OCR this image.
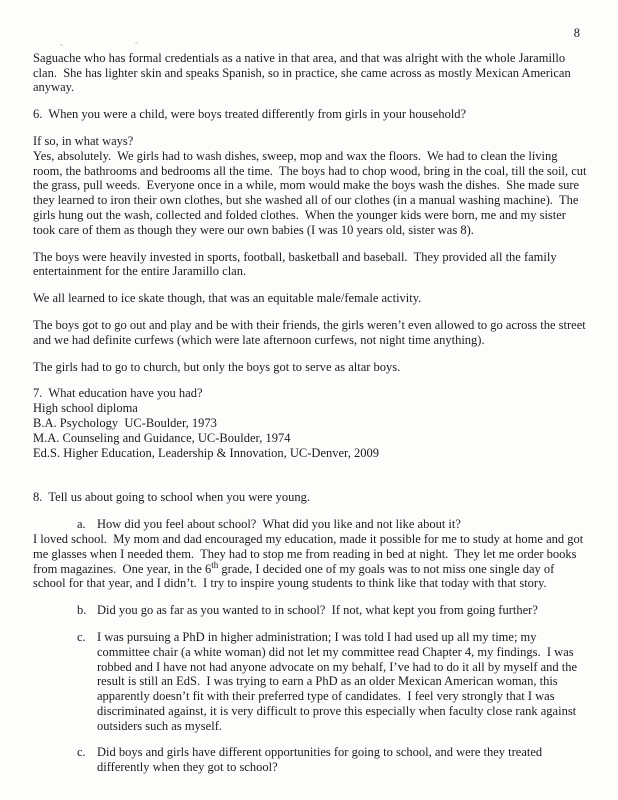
8

Saguache who has formal credentials as a native in that area, and that was alright with the whole Jaramillo clan.  She has lighter skin and speaks Spanish, so in practice, she came across as mostly Mexican American anyway.

6.  When you were a child, were boys treated differently from girls in your household?

If so, in what ways?

Yes, absolutely.  We girls had to wash dishes, sweep, mop and wax the floors.  We had to clean the living room, the bathrooms and bedrooms all the time.  The boys had to chop wood, bring in the coal, till the soil, cut the grass, pull weeds.  Everyone once in a while, mom would make the boys wash the dishes.  She made sure they learned to iron their own clothes, but she washed all of our clothes (in a manual washing machine).  The girls hung out the wash, collected and folded clothes.  When the younger kids were born, me and my sister took care of them as though they were our own babies (I was 10 years old, sister was 8).

The boys were heavily invested in sports, football, basketball and baseball.  They provided all the family entertainment for the entire Jaramillo clan.

We all learned to ice skate though, that was an equitable male/female activity.

The boys got to go out and play and be with their friends, the girls weren’t even allowed to go across the street and we had definite curfews (which were late afternoon curfews, not night time anything).

The girls had to go to church, but only the boys got to serve as altar boys.

7.  What education have you had?

High school diploma

B.A. Psychology  UC-Boulder, 1973

M.A. Counseling and Guidance, UC-Boulder, 1974

Ed.S. Higher Education, Leadership & Innovation, UC-Denver, 2009

8.  Tell us about going to school when you were young.

a. How did you feel about school?  What did you like and not like about it?

I loved school.  My mom and dad encouraged my education, made it possible for me to study at home and got me glasses when I needed them.  They had to stop me from reading in bed at night.  They let me order books from magazines.  One year, in the 6th grade, I decided one of my goals was to not miss one single day of school for that year, and I didn’t.  I try to inspire young students to think like that today with that story.

b. Did you go as far as you wanted to in school?  If not, what kept you from going further?
c. I was pursuing a PhD in higher administration; I was told I had used up all my time; my committee chair (a white woman) did not let my committee read Chapter 4, my findings.  I was robbed and I have not had anyone advocate on my behalf, I’ve had to do it all by myself and the result is still an EdS.  I was trying to earn a PhD as an older Mexican American woman, this apparently doesn’t fit with their preferred type of candidates.  I feel very strongly that I was discriminated against, it is very difficult to prove this especially when faculty close rank against outsiders such as myself.
c. Did boys and girls have different opportunities for going to school, and were they treated differently when they got to school?
